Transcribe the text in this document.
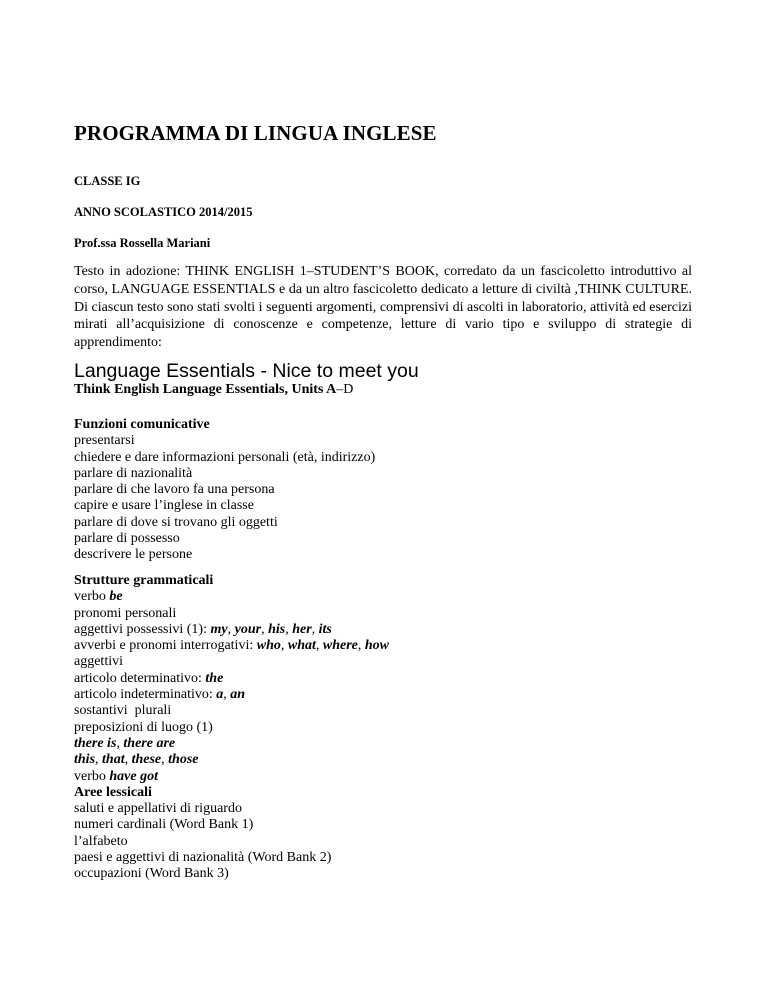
PROGRAMMA DI LINGUA INGLESE
CLASSE IG
ANNO SCOLASTICO 2014/2015
Prof.ssa Rossella Mariani
Testo in adozione: THINK ENGLISH 1–STUDENT’S BOOK, corredato da un fascicoletto introduttivo al corso, LANGUAGE ESSENTIALS e da un altro fascicoletto dedicato a letture di civiltà ,THINK CULTURE. Di ciascun testo sono stati svolti i seguenti argomenti, comprensivi di ascolti in laboratorio, attività ed esercizi mirati all’acquisizione di conoscenze e competenze, letture di vario tipo e sviluppo di strategie di apprendimento:
Language Essentials - Nice to meet you
Think English Language Essentials, Units A–D
Funzioni comunicative
presentarsi
chiedere e dare informazioni personali (età, indirizzo)
parlare di nazionalità
parlare di che lavoro fa una persona
capire e usare l’inglese in classe
parlare di dove si trovano gli oggetti
parlare di possesso
descrivere le persone
Strutture grammaticali
verbo be
pronomi personali
aggettivi possessivi (1): my, your, his, her, its
avverbi e pronomi interrogativi: who, what, where, how
aggettivi
articolo determinativo: the
articolo indeterminativo: a, an
sostantivi  plurali
preposizioni di luogo (1)
there is, there are
this, that, these, those
verbo have got
Aree lessicali
saluti e appellativi di riguardo
numeri cardinali (Word Bank 1)
l’alfabeto
paesi e aggettivi di nazionalità (Word Bank 2)
occupazioni (Word Bank 3)
